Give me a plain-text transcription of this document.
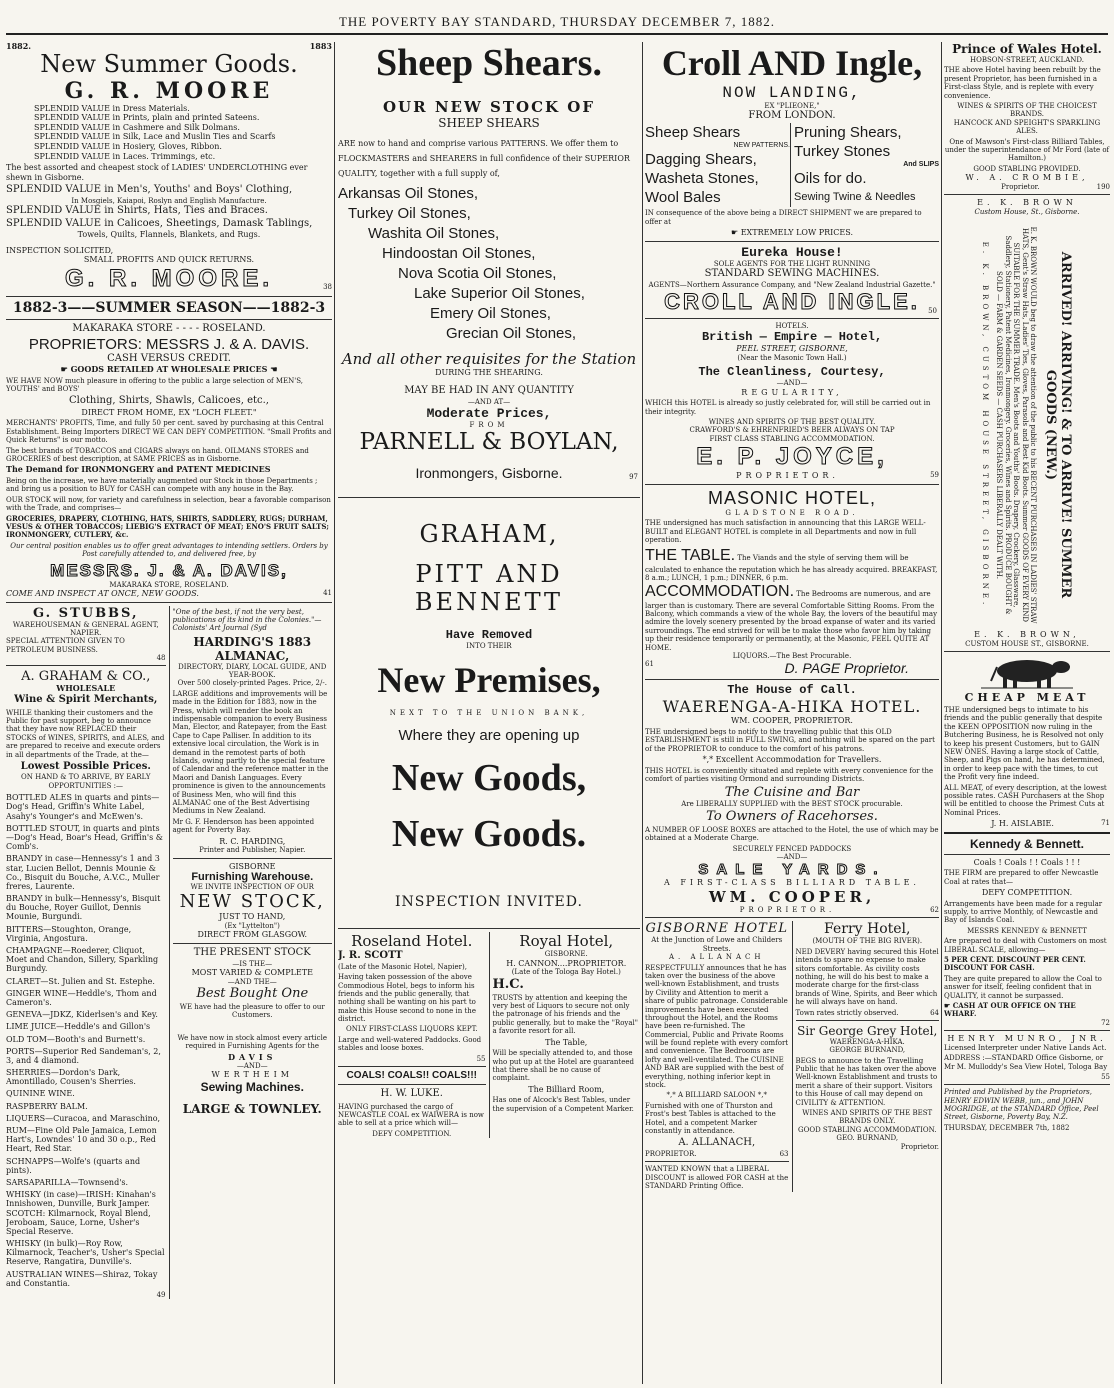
THE POVERTY BAY STANDARD, THURSDAY DECEMBER 7, 1882.
1882.	1883
New Summer Goods.
G. R. MOORE
SPLENDID VALUE in Dress Materials.
SPLENDID VALUE in Prints, plain and printed Sateens.
SPLENDID VALUE in Cashmere and Silk Dolmans.
SPLENDID VALUE in Silk, Lace and Muslin Ties and Scarfs
SPLENDID VALUE in Hosiery, Gloves, Ribbon.
SPLENDID VALUE in Laces. Trimmings, etc.

The best assorted and cheapest stock of LADIES' UNDERCLOTHING ever shewn in Gisborne.

SPLENDID VALUE in Men's, Youths' and Boys' Clothing,
In Mosgiels, Kaiapoi, Roslyn and English Manufacture.
SPLENDID VALUE in Shirts, Hats, Ties and Braces.
SPLENDID VALUE in Calicoes, Sheetings, Damask Tablings,
Towels, Quilts, Flannels, Blankets, and Rugs.
INSPECTION SOLICITED,
SMALL PROFITS AND QUICK RETURNS.
G. R. MOORE.	38
1882-3——SUMMER SEASON——1882-3
MAKARAKA STORE - - - - ROSELAND.
PROPRIETORS: MESSRS J. & A. DAVIS.
CASH VERSUS CREDIT.
☛ GOODS RETAILED AT WHOLESALE PRICES ☚

WE HAVE NOW much pleasure in offering to the public a large selection of MEN'S, YOUTHS' and BOYS'

Clothing, Shirts, Shawls, Calicoes, etc.,
DIRECT FROM HOME, EX "LOCH FLEET."

MERCHANTS' PROFITS, Time, and fully 50 per cent. saved by purchasing at this Central Establishment. Being Importers DIRECT WE CAN DEFY COMPETITION. "Small Profits and Quick Returns" is our motto.

The best brands of TOBACCOS and CIGARS always on hand. OILMANS STORES and GROCERIES of best description, at SAME PRICES as in Gisborne.

The Demand for IRONMONGERY and PATENT MEDICINES

Being on the increase, we have materially augmented our Stock in those Departments ; and bring us a position to BUY for CASH can compete with any house in the Bay.

OUR STOCK will now, for variety and carefulness in selection, bear a favorable comparison with the Trade, and comprises—

GROCERIES, DRAPERY, CLOTHING, HATS, SHIRTS, SADDLERY, RUGS; DURHAM, VESUS & OTHER TOBACCOS; LIEBIG'S EXTRACT OF MEAT; ENO'S FRUIT SALTS; IRONMONGERY, CUTLERY, &c.

Our central position enables us to offer great advantages to intending settlers. Orders by Post carefully attended to, and delivered free, by

MESSRS. J. & A. DAVIS,
MAKARAKA STORE, ROSELAND.
COME AND INSPECT AT ONCE, NEW GOODS.	41
G. STUBBS,
WAREHOUSEMAN & GENERAL AGENT, NAPIER.
SPECIAL ATTENTION GIVEN TO PETROLEUM BUSINESS.
48
A. GRAHAM & CO.,
WHOLESALE
Wine & Spirit Merchants,

WHILE thanking their customers and the Public for past support, beg to announce that they have now REPLACED their STOCKS of WINES, SPIRITS, and ALES, and are prepared to receive and execute orders in all departments of the Trade, at the—

Lowest Possible Prices.
ON HAND & TO ARRIVE, BY EARLY OPPORTUNITIES :—

BOTTLED ALES in quarts and pints—Dog's Head, Griffin's White Label, Asahy's Younger's and McEwen's.

BOTTLED STOUT, in quarts and pints—Dog's Head, Boar's Head, Griffin's & Comb's.

BRANDY in case—Hennessy's 1 and 3 star, Lucien Bellot, Dennis Mounie & Co., Bisquit du Bouche, A.V.C., Muller freres, Laurente.

BRANDY in bulk—Hennessy's, Bisquit du Bouche, Royer Guillot, Dennis Mounie, Burgundi.

BITTERS—Stoughton, Orange, Virginia, Angostura.

CHAMPAGNE—Roederer, Cliquot, Moet and Chandon, Sillery, Sparkling Burgundy.

CLARET—St. Julien and St. Estephe.

GINGER WINE—Heddle's, Thom and Cameron's.

GENEVA—JDKZ, Kiderlsen's and Key.

LIME JUICE—Heddle's and Gillon's

OLD TOM—Booth's and Burnett's.

PORTS—Superior Red Sandeman's, 2, 3, and 4 diamond.

SHERRIES—Dordon's Dark, Amontillado, Cousen's Sherries.

QUININE WINE.

RASPBERRY BALM.

LIQUERS—Curacoa, and Maraschino,

RUM—Fine Old Pale Jamaica, Lemon Hart's, Lowndes' 10 and 30 o.p., Red Heart, Red Star.

SCHNAPPS—Wolfe's (quarts and pints).

SARSAPARILLA—Townsend's.

WHISKY (in case)—IRISH: Kinahan's Innishowen, Dunville, Burk Jamper. SCOTCH: Kilmarnock, Royal Blend, Jeroboam, Sauce, Lorne, Usher's Special Reserve.

WHISKY (in bulk)—Roy Row, Kilmarnock, Teacher's, Usher's Special Reserve, Rangatira, Dunville's.

AUSTRALIAN WINES—Shiraz, Tokay and Constantia.

49

"One of the best, if not the very best, publications of its kind in the Colonies."—Colonists' Art Journal (Syd

HARDING'S 1883 ALMANAC,
DIRECTORY, DIARY, LOCAL GUIDE, AND YEAR-BOOK.
Over 500 closely-printed Pages. Price, 2/-.

LARGE additions and improvements will be made in the Edition for 1883, now in the Press, which will render the book an indispensable companion to every Business Man, Elector, and Ratepayer, from the East Cape to Cape Palliser. In addition to its extensive local circulation, the Work is in demand in the remotest parts of both Islands, owing partly to the special feature of Calendar and the reference matter in the Maori and Danish Languages. Every prominence is given to the announcements of Business Men, who will find this ALMANAC one of the Best Advertising Mediums in New Zealand.

Mr G. F. Henderson has been appointed agent for Poverty Bay.

R. C. HARDING,
Printer and Publisher, Napier.
GISBORNE
Furnishing Warehouse.
WE INVITE INSPECTION OF OUR
NEW STOCK,
JUST TO HAND,
(Ex "Lyttelton")
DIRECT FROM GLASGOW.
THE PRESENT STOCK
—IS THE—
MOST VARIED & COMPLETE
—AND THE—
Best Bought One

WE have had the pleasure to offer to our Customers.

We have now in stock almost every article required in Furnishing Agents for the

DAVIS
—AND—
WERTHEIM
Sewing Machines.
LARGE & TOWNLEY.
Sheep Shears.
OUR NEW STOCK OF
SHEEP SHEARS

ARE now to hand and comprise various PATTERNS. We offer them to FLOCKMASTERS and SHEARERS in full confidence of their SUPERIOR QUALITY, together with a full supply of,

Arkansas Oil Stones,
Turkey Oil Stones,
Washita Oil Stones,
Hindoostan Oil Stones,
Nova Scotia Oil Stones,
Lake Superior Oil Stones,
Emery Oil Stones,
Grecian Oil Stones,
And all other requisites for the Station
DURING THE SHEARING.
MAY BE HAD IN ANY QUANTITY
—AND AT—
Moderate Prices,
FROM
PARNELL & BOYLAN,
Ironmongers, Gisborne.	97
GRAHAM,
PITT AND BENNETT
Have Removed
INTO THEIR
New Premises,
NEXT TO THE UNION BANK,
Where they are opening up
New Goods,
New Goods.
INSPECTION INVITED.
Roseland Hotel.
J. R. SCOTT
(Late of the Masonic Hotel, Napier),

Having taken possession of the above Commodious Hotel, begs to inform his friends and the public generally, that nothing shall be wanting on his part to make this House second to none in the district.

ONLY FIRST-CLASS LIQUORS KEPT.

Large and well-watered Paddocks. Good stables and loose boxes.

55
COALS! COALS!! COALS!!!
H. W. LUKE.

HAVING purchased the cargo of NEWCASTLE COAL ex WAIWERA is now able to sell at a price which will—

DEFY COMPETITION.
Royal Hotel,
GISBORNE.
H. CANNON....PROPRIETOR.
(Late of the Tologa Bay Hotel.)
H.C.

TRUSTS by attention and keeping the very best of Liquors to secure not only the patronage of his friends and the public generally, but to make the "Royal" a favorite resort for all.

The Table,

Will be specially attended to, and those who put up at the Hotel are guaranteed that there shall be no cause of complaint.

The Billiard Room,

Has one of Alcock's Best Tables, under the supervision of a Competent Marker.

Croll AND Ingle,
NOW LANDING,
EX "PLIEONE,"
FROM LONDON.
Sheep Shears
NEW PATTERNS.
Dagging Shears,
Washeta Stones,
Wool Bales
Pruning Shears,
Turkey Stones
And SLIPS
Oils for do.
Sewing Twine & Needles

IN consequence of the above being a DIRECT SHIPMENT we are prepared to offer at

☛ EXTREMELY LOW PRICES.
Eureka House!
SOLE AGENTS FOR THE LIGHT RUNNING
STANDARD SEWING MACHINES.
AGENTS—Northern Assurance Company, and "New Zealand Industrial Gazette."
CROLL AND INGLE.	50
HOTELS.
British — Empire — Hotel,
PEEL STREET, GISBORNE,
(Near the Masonic Town Hall.)
The Cleanliness, Courtesy,
—AND—
REGULARITY,

WHICH this HOTEL is already so justly celebrated for, will still be carried out in their integrity.

WINES AND SPIRITS OF THE BEST QUALITY.
CRAWFORD'S & EHRENFRIED'S BEER ALWAYS ON TAP
FIRST CLASS STABLING ACCOMMODATION.
E. P. JOYCE,
PROPRIETOR.	59
MASONIC HOTEL,
GLADSTONE ROAD.

THE undersigned has much satisfaction in announcing that this LARGE WELL-BUILT and ELEGANT HOTEL is complete in all Departments and now in full operation.

THE TABLE. The Viands and the style of serving them will be calculated to enhance the reputation which he has already acquired. BREAKFAST, 8 a.m.; LUNCH, 1 p.m.; DINNER, 6 p.m.
ACCOMMODATION. The Bedrooms are numerous, and are larger than is customary. There are several Comfortable Sitting Rooms. From the Balcony, which commands a view of the whole Bay, the lovers of the beautiful may admire the lovely scenery presented by the broad expanse of water and its varied surroundings. The end strived for will be to make those who favor him by taking up their residence temporarily or permanently, at the Masonic, FEEL QUITE AT HOME.
LIQUORS.—The Best Procurable.
61	D. PAGE Proprietor.
The House of Call.
WAERENGA-A-HIKA HOTEL.
WM. COOPER, PROPRIETOR.

THE undersigned begs to notify to the travelling public that this OLD ESTABLISHMENT is still in FULL SWING, and nothing will be spared on the part of the PROPRIETOR to conduce to the comfort of his patrons.

*,* Excellent Accommodation for Travellers.

THIS HOTEL is conveniently situated and replete with every convenience for the comfort of parties visiting Ormond and surrounding Districts.

The Cuisine and Bar
Are LIBERALLY SUPPLIED with the BEST STOCK procurable.
To Owners of Racehorses.

A NUMBER OF LOOSE BOXES are attached to the Hotel, the use of which may be obtained at a Moderate Charge.

SECURELY FENCED PADDOCKS
—AND—
SALE YARDS.
A FIRST-CLASS BILLIARD TABLE.
WM. COOPER,
PROPRIETOR.	62
GISBORNE HOTEL
At the Junction of Lowe and Childers Streets.
A. ALLANACH

RESPECTFULLY announces that he has taken over the business of the above well-known Establishment, and trusts by Civility and Attention to merit a share of public patronage. Considerable improvements have been executed throughout the Hotel, and the Rooms have been re-furnished. The Commercial, Public and Private Rooms will be found replete with every comfort and convenience. The Bedrooms are lofty and well-ventilated. The CUISINE AND BAR are supplied with the best of everything, nothing inferior kept in stock.

*,* A BILLIARD SALOON *,*

Furnished with one of Thurston and Frost's best Tables is attached to the Hotel, and a competent Marker constantly in attendance.

A. ALLANACH,
PROPRIETOR.	63

WANTED KNOWN that a LIBERAL DISCOUNT is allowed FOR CASH at the STANDARD Printing Office.

Ferry Hotel,
(MOUTH OF THE BIG RIVER).

NED DEVERY having secured this Hotel intends to spare no expense to make sitors comfortable. As civility costs nothing, he will do his best to make a moderate charge for the first-class brands of Wine, Spirits, and Beer which he will always have on hand.

Town rates strictly observed.	64
Sir George Grey Hotel,
WAERENGA-A-HIKA.
GEORGE BURNAND,

BEGS to announce to the Travelling Public that he has taken over the above Well-known Establishment and trusts to merit a share of their support. Visitors to this House of call may depend on CIVILITY & ATTENTION.

WINES AND SPIRITS OF THE BEST BRANDS ONLY.
GOOD STABLING ACCOMMODATION.
GEO. BURNAND,
Proprietor.
Prince of Wales Hotel.
HOBSON-STREET, AUCKLAND.

THE above Hotel having been rebuilt by the present Proprietor, has been furnished in a First-class Style, and is replete with every convenience.

WINES & SPIRITS OF THE CHOICEST BRANDS.
HANCOCK AND SPEIGHT'S SPARKLING ALES.

One of Mawson's First-class Billiard Tables, under the superintendance of Mr Ford (late of Hamilton.)

GOOD STABLING PROVIDED.
W. A. CROMBIE,
Proprietor.	190
E. K. BROWN
Custom House, St., Gisborne.
ARRIVED! ARRIVING! & TO ARRIVE! SUMMER GOODS (NEW.)

E. K. BROWN WOULD beg to draw the attention of the public to his RECENT PURCHASES IN LADIES' STRAW HATS, Gent's Straw Hats, Ladies' Ties, Gloves, Parasols and Best Kid Boots. Summer GOODS OF EVERY KIND SUITABLE FOR THE SUMMER TRADE. Men's Boots and Youths' Boots. Drapery, Crockery, Glassware, Saddlery, Stationery, Patent Medicines, Ironmongery. Groceries, Wines and Spirits. PRODUCE BOUGHT & SOLD — FARM & GARDEN SEEDS — CASH PURCHASERS LIBERALLY DEALT WITH.

E. K. BROWN, CUSTOM HOUSE STREET, GISBORNE.
E. K. BROWN,
CUSTOM HOUSE ST., GISBORNE.
CHEAP MEAT

THE undersigned begs to intimate to his friends and the public generally that despite the KEEN OPPOSITION now ruling in the Butchering Business, he is Resolved not only to keep his present Customers, but to GAIN NEW ONES. Having a large stock of Cattle, Sheep, and Pigs on hand, he has determined, in order to keep pace with the times, to cut the Profit very fine indeed.

ALL MEAT, of every description, at the lowest possible rates. CASH Purchasers at the Shop will be entitled to choose the Primest Cuts at Nominal Prices.

J. H. AISLABIE.	71
Kennedy & Bennett.
Coals ! Coals ! ! Coals ! ! !

THE FIRM are prepared to offer Newcastle Coal at rates that—

DEFY COMPETITION.

Arrangements have been made for a regular supply, to arrive Monthly, of Newcastle and Bay of Islands Coal.

MESSRS KENNEDY & BENNETT

Are prepared to deal with Customers on most LIBERAL SCALE, allowing—

5 PER CENT. DISCOUNT PER CENT. DISCOUNT FOR CASH.

They are quite prepared to allow the Coal to answer for itself, feeling confident that in QUALITY, it cannot be surpassed.

☛ CASH AT OUR OFFICE ON THE WHARF.
72
HENRY MUNRO, JNR.
Licensed Interpreter under Native Lands Act.

ADDRESS :—STANDARD Office Gisborne, or Mr M. Mulloddy's Sea View Hotel, Tologa Bay

55

Printed and Published by the Proprietors, HENRY EDWIN WEBB, jun., and JOHN MOGRIDGE, at the STANDARD Office, Peel Street, Gisborne, Poverty Bay, N.Z.

THURSDAY, DECEMBER 7th, 1882
